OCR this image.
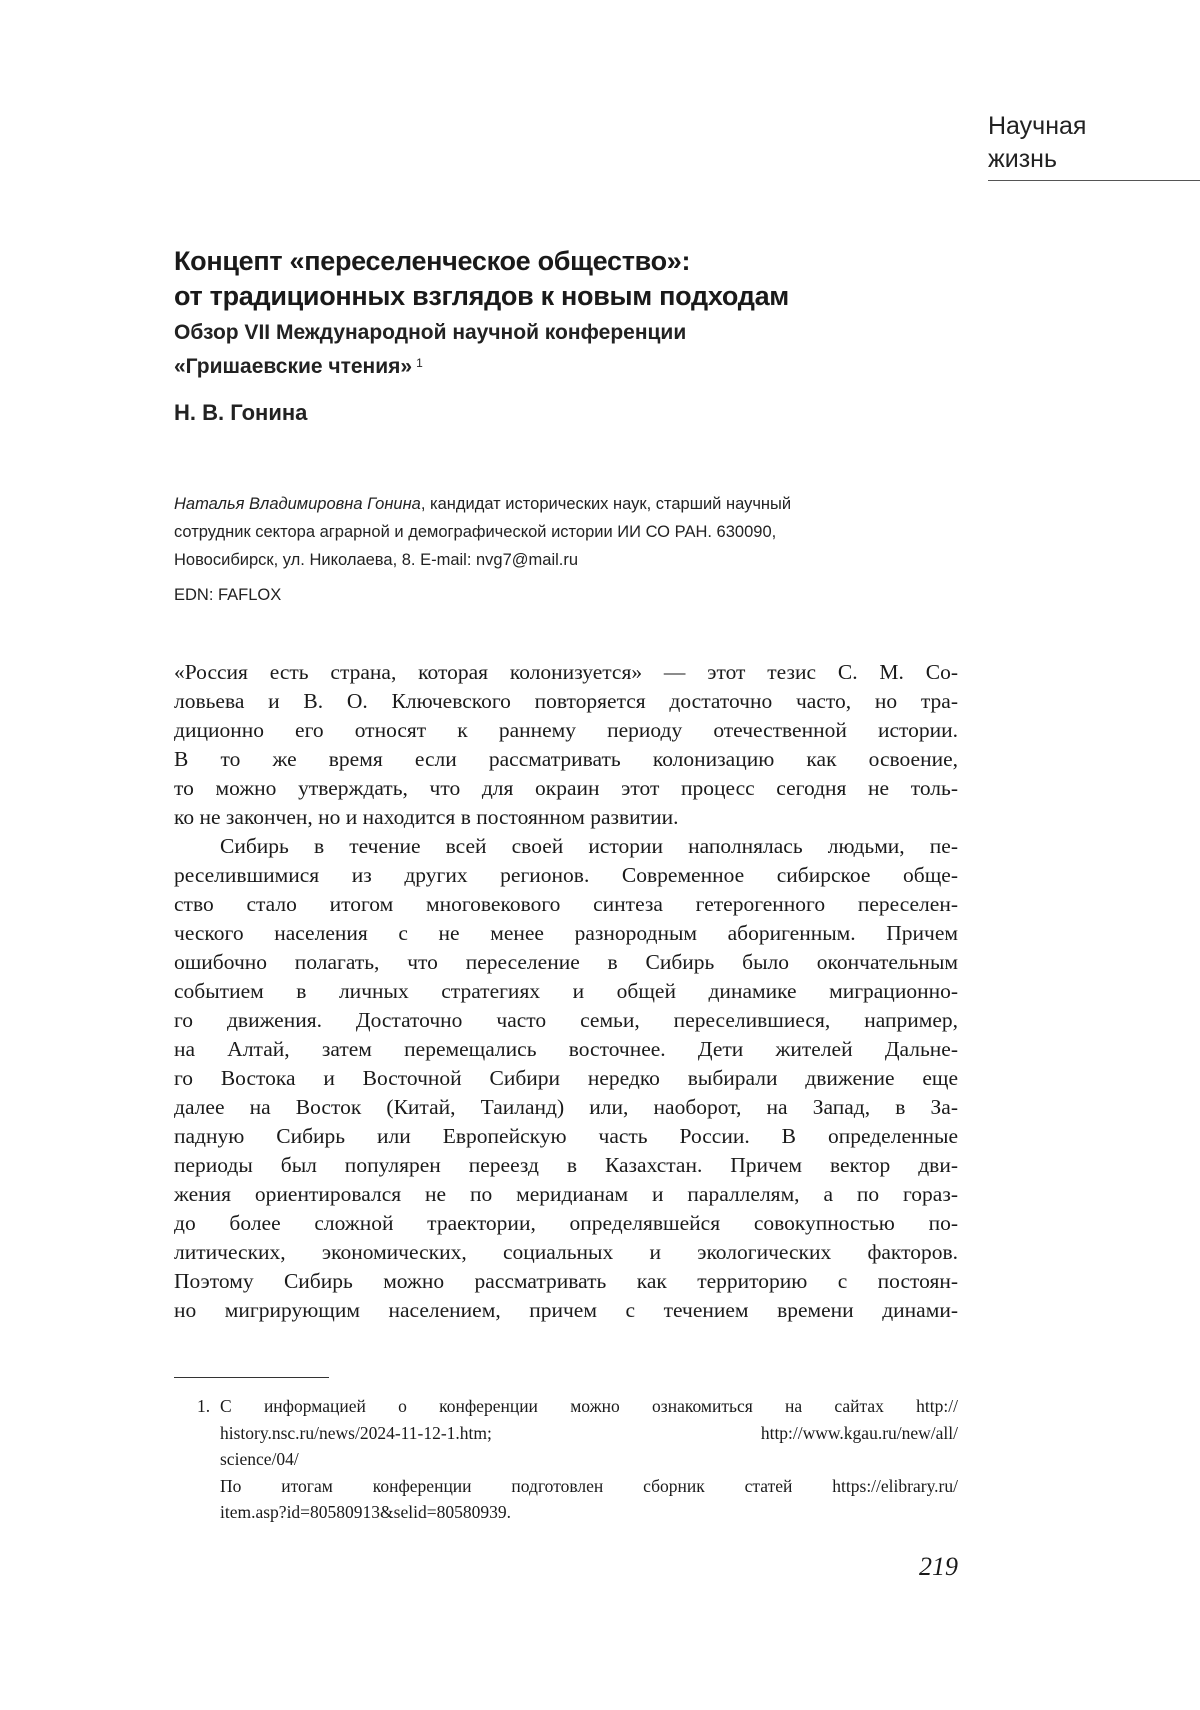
Научная
жизнь
Концепт «переселенческое общество»:
от традиционных взглядов к новым подходам
Обзор VII Международной научной конференции
«Гришаевские чтения» $^1$
Н. В. Гонина
Наталья Владимировна Гонина, кандидат исторических наук, старший научный
сотрудник сектора аграрной и демографической истории ИИ СО РАН. 630090,
Новосибирск, ул. Николаева, 8. E-mail: nvg7@mail.ru
EDN: FAFLOX
«Россия есть страна, которая колонизуется» — этот тезис С. М. Со-
ловьева и В. О. Ключевского повторяется достаточно часто, но тра-
диционно его относят к раннему периоду отечественной истории.
В то же время если рассматривать колонизацию как освоение,
то можно утверждать, что для окраин этот процесс сегодня не толь-
ко не закончен, но и находится в постоянном развитии.
Сибирь в течение всей своей истории наполнялась людьми, пе-
реселившимися из других регионов. Современное сибирское обще-
ство стало итогом многовекового синтеза гетерогенного переселен-
ческого населения с не менее разнородным аборигенным. Причем
ошибочно полагать, что переселение в Сибирь было окончательным
событием в личных стратегиях и общей динамике миграционно-
го движения. Достаточно часто семьи, переселившиеся, например,
на Алтай, затем перемещались восточнее. Дети жителей Дальне-
го Востока и Восточной Сибири нередко выбирали движение еще
далее на Восток (Китай, Таиланд) или, наоборот, на Запад, в За-
падную Сибирь или Европейскую часть России. В определенные
периоды был популярен переезд в Казахстан. Причем вектор дви-
жения ориентировался не по меридианам и параллелям, а по гораз-
до более сложной траектории, определявшейся совокупностью по-
литических, экономических, социальных и экологических факторов.
Поэтому Сибирь можно рассматривать как территорию с постоян-
но мигрирующим населением, причем с течением времени динами-
1. С информацией о конференции можно ознакомиться на сайтах http://
history.nsc.ru/news/2024-11-12-1.htm; http://www.kgau.ru/new/all/
science/04/
По итогам конференции подготовлен сборник статей https://elibrary.ru/
item.asp?id=80580913&selid=80580939.
219
